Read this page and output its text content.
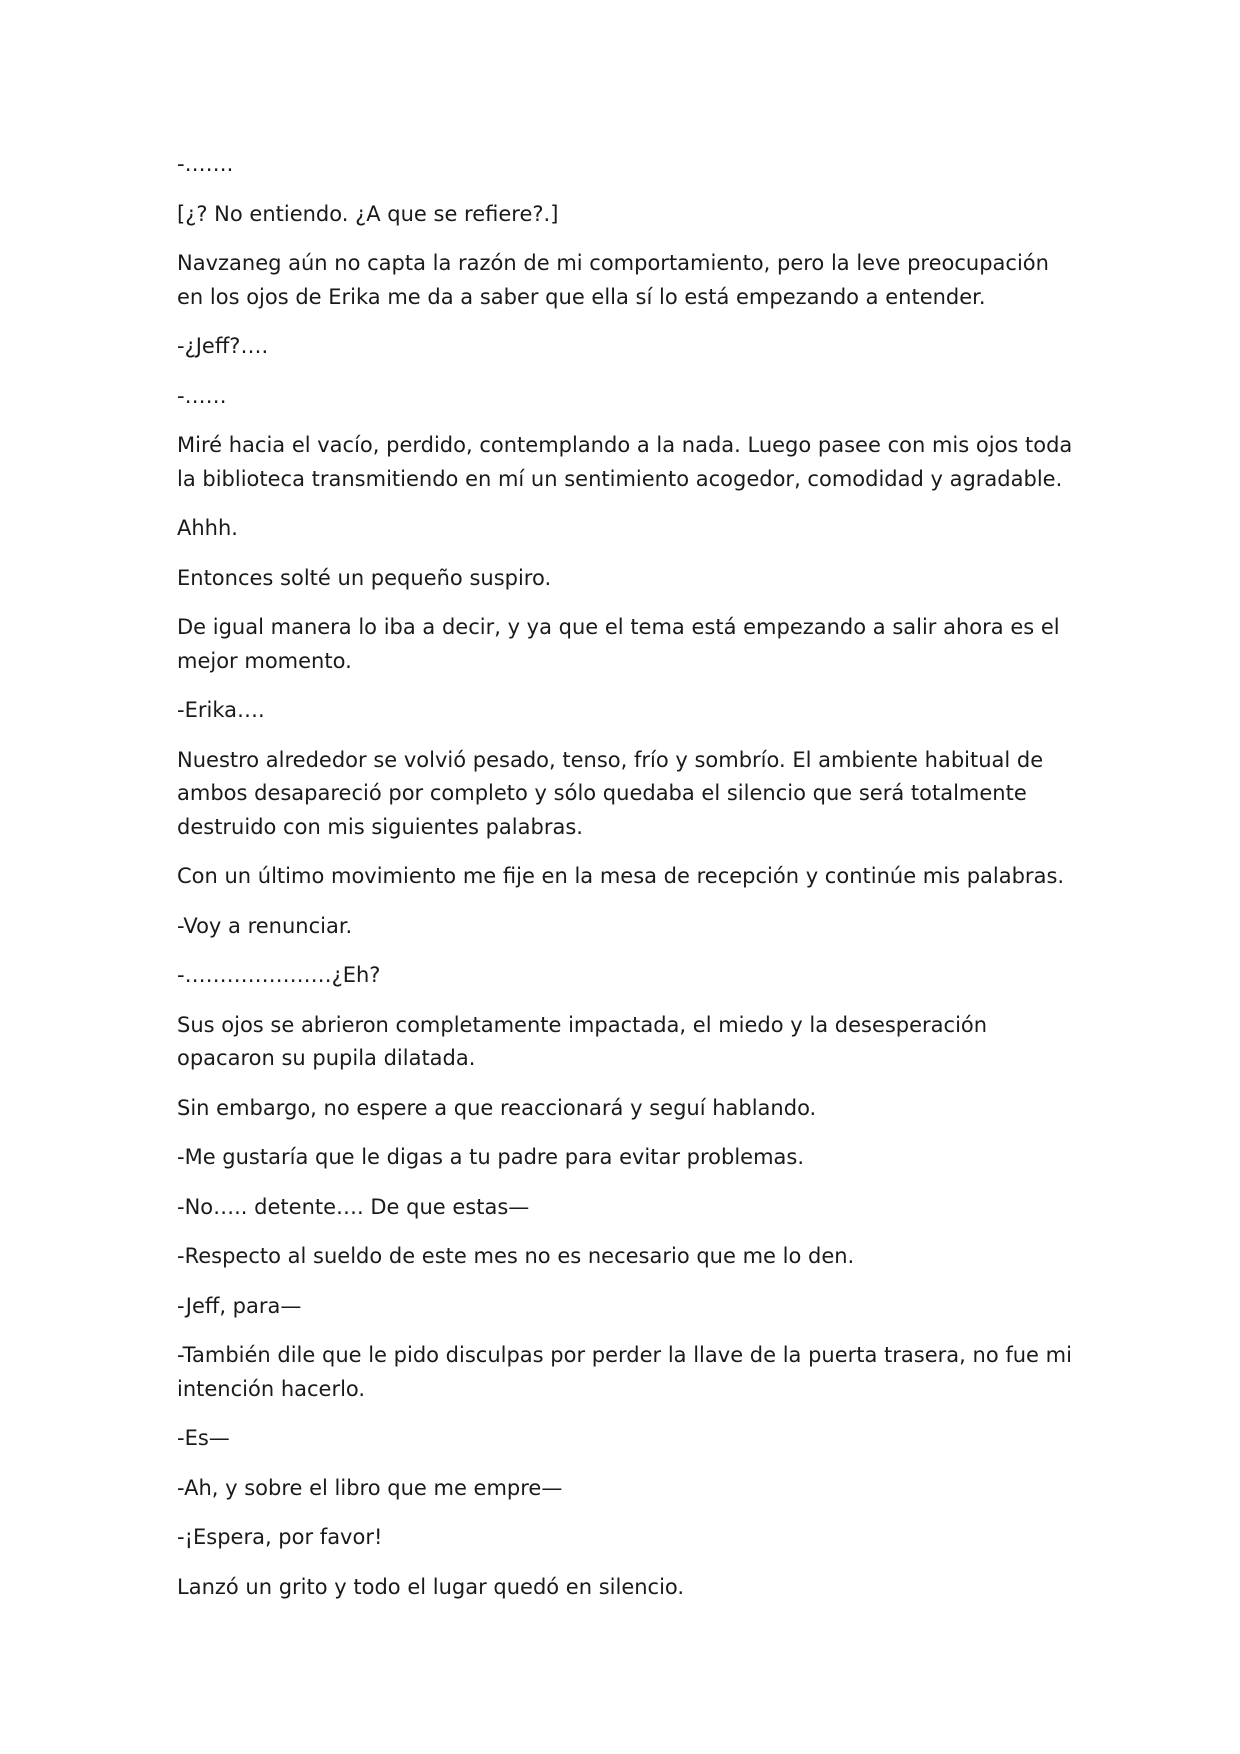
-…….

[¿? No entiendo. ¿A que se refiere?.]

Navzaneg aún no capta la razón de mi comportamiento, pero la leve preocupación en los ojos de Erika me da a saber que ella sí lo está empezando a entender.

-¿Jeff?….

-……

Miré hacia el vacío, perdido, contemplando a la nada. Luego pasee con mis ojos toda la biblioteca transmitiendo en mí un sentimiento acogedor, comodidad y agradable.

Ahhh.

Entonces solté un pequeño suspiro.

De igual manera lo iba a decir, y ya que el tema está empezando a salir ahora es el mejor momento.

-Erika….

Nuestro alrededor se volvió pesado, tenso, frío y sombrío. El ambiente habitual de ambos desapareció por completo y sólo quedaba el silencio que será totalmente destruido con mis siguientes palabras.

Con un último movimiento me fije en la mesa de recepción y continúe mis palabras.

-Voy a renunciar.

-…………………¿Eh?

Sus ojos se abrieron completamente impactada, el miedo y la desesperación opacaron su pupila dilatada.

Sin embargo, no espere a que reaccionará y seguí hablando.

-Me gustaría que le digas a tu padre para evitar problemas.

-No….. detente…. De que estas—

-Respecto al sueldo de este mes no es necesario que me lo den.

-Jeff, para—

-También dile que le pido disculpas por perder la llave de la puerta trasera, no fue mi intención hacerlo.

-Es—

-Ah, y sobre el libro que me empre—

-¡Espera, por favor!

Lanzó un grito y todo el lugar quedó en silencio.
